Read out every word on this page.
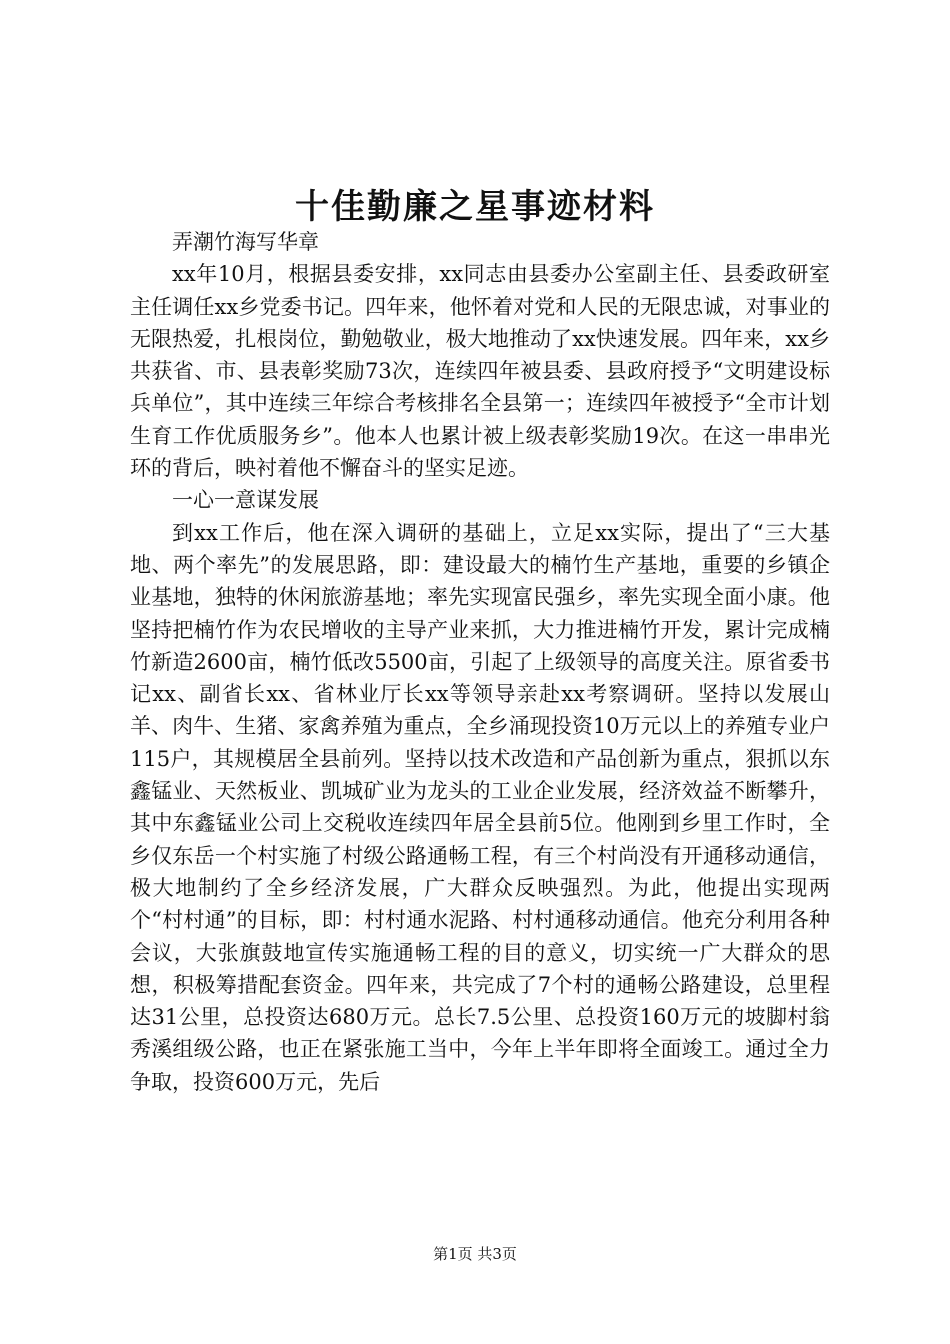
十佳勤廉之星事迹材料

弄潮竹海写华章

xx年10月，根据县委安排，xx同志由县委办公室副主任、县委政研室主任调任xx乡党委书记。四年来，他怀着对党和人民的无限忠诚，对事业的无限热爱，扎根岗位，勤勉敬业，极大地推动了xx快速发展。四年来，xx乡共获省、市、县表彰奖励73次，连续四年被县委、县政府授予“文明建设标兵单位”，其中连续三年综合考核排名全县第一；连续四年被授予“全市计划生育工作优质服务乡”。他本人也累计被上级表彰奖励19次。在这一串串光环的背后，映衬着他不懈奋斗的坚实足迹。

一心一意谋发展

到xx工作后，他在深入调研的基础上，立足xx实际，提出了“三大基地、两个率先”的发展思路，即：建设最大的楠竹生产基地，重要的乡镇企业基地，独特的休闲旅游基地；率先实现富民强乡，率先实现全面小康。他坚持把楠竹作为农民增收的主导产业来抓，大力推进楠竹开发，累计完成楠竹新造2600亩，楠竹低改5500亩，引起了上级领导的高度关注。原省委书记xx、副省长xx、省林业厅长xx等领导亲赴xx考察调研。坚持以发展山羊、肉牛、生猪、家禽养殖为重点，全乡涌现投资10万元以上的养殖专业户115户，其规模居全县前列。坚持以技术改造和产品创新为重点，狠抓以东鑫锰业、天然板业、凯城矿业为龙头的工业企业发展，经济效益不断攀升，其中东鑫锰业公司上交税收连续四年居全县前5位。他刚到乡里工作时，全乡仅东岳一个村实施了村级公路通畅工程，有三个村尚没有开通移动通信，极大地制约了全乡经济发展，广大群众反映强烈。为此，他提出实现两个“村村通”的目标，即：村村通水泥路、村村通移动通信。他充分利用各种会议，大张旗鼓地宣传实施通畅工程的目的意义，切实统一广大群众的思想，积极筹措配套资金。四年来，共完成了7个村的通畅公路建设，总里程达31公里，总投资达680万元。总长7.5公里、总投资160万元的坡脚村翁秀溪组级公路，也正在紧张施工当中，今年上半年即将全面竣工。通过全力争取，投资600万元，先后

第1页 共3页
